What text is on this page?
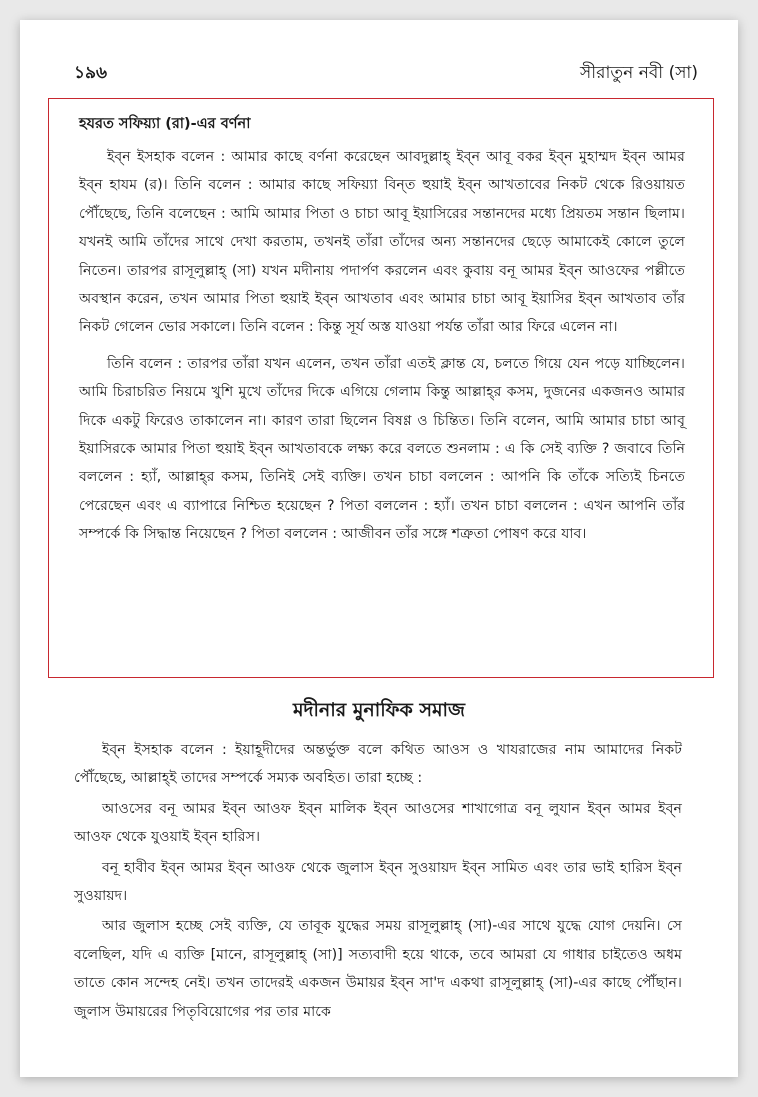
১৯৬	সীরাতুন নবী (সা)
হযরত সফিয়্যা (রা)-এর বর্ণনা

ইব্‌ন ইসহাক বলেন : আমার কাছে বর্ণনা করেছেন আবদুল্লাহ্ ইব্‌ন আবূ বকর ইব্‌ন মুহাম্মদ ইব্‌ন আমর ইব্‌ন হাযম (র)। তিনি বলেন : আমার কাছে সফিয়্যা বিন্‌ত হুয়াই ইব্‌ন আখতাবের নিকট থেকে রিওয়ায়ত পৌঁছেছে, তিনি বলেছেন : আমি আমার পিতা ও চাচা আবূ ইয়াসিরের সন্তানদের মধ্যে প্রিয়তম সন্তান ছিলাম। যখনই আমি তাঁদের সাথে দেখা করতাম, তখনই তাঁরা তাঁদের অন্য সন্তানদের ছেড়ে আমাকেই কোলে তুলে নিতেন। তারপর রাসূলুল্লাহ্ (সা) যখন মদীনায় পদার্পণ করলেন এবং কুবায় বনূ আমর ইব্‌ন আওফের পল্লীতে অবস্থান করেন, তখন আমার পিতা হুয়াই ইব্‌ন আখতাব এবং আমার চাচা আবূ ইয়াসির ইব্‌ন আখতাব তাঁর নিকট গেলেন ভোর সকালে। তিনি বলেন : কিন্তু সূর্য অস্ত যাওয়া পর্যন্ত তাঁরা আর ফিরে এলেন না।

তিনি বলেন : তারপর তাঁরা যখন এলেন, তখন তাঁরা এতই ক্লান্ত যে, চলতে গিয়ে যেন পড়ে যাচ্ছিলেন। আমি চিরাচরিত নিয়মে খুশি মুখে তাঁদের দিকে এগিয়ে গেলাম কিন্তু আল্লাহ্‌র কসম, দুজনের একজনও আমার দিকে একটু ফিরেও তাকালেন না। কারণ তারা ছিলেন বিষণ্ণ ও চিন্তিত। তিনি বলেন, আমি আমার চাচা আবূ ইয়াসিরকে আমার পিতা হুয়াই ইব্‌ন আখতাবকে লক্ষ্য করে বলতে শুনলাম : এ কি সেই ব্যক্তি ? জবাবে তিনি বললেন : হ্যাঁ, আল্লাহ্‌র কসম, তিনিই সেই ব্যক্তি। তখন চাচা বললেন : আপনি কি তাঁকে সত্যিই চিনতে পেরেছেন এবং এ ব্যাপারে নিশ্চিত হয়েছেন ? পিতা বললেন : হ্যাঁ। তখন চাচা বললেন : এখন আপনি তাঁর সম্পর্কে কি সিদ্ধান্ত নিয়েছেন ? পিতা বললেন : আজীবন তাঁর সঙ্গে শত্রুতা পোষণ করে যাব।

মদীনার মুনাফিক সমাজ

ইব্‌ন ইসহাক বলেন : ইয়াহূদীদের অন্তর্ভুক্ত বলে কথিত আওস ও খাযরাজের নাম আমাদের নিকট পৌঁছেছে, আল্লাহ্ই তাদের সম্পর্কে সম্যক অবহিত। তারা হচ্ছে :

আওসের বনূ আমর ইব্‌ন আওফ ইব্‌ন মালিক ইব্‌ন আওসের শাখাগোত্র বনূ লুযান ইব্‌ন আমর ইব্‌ন আওফ থেকে যুওয়াই ইব্‌ন হারিস।

বনূ হাবীব ইব্‌ন আমর ইব্‌ন আওফ থেকে জুলাস ইব্‌ন সুওয়ায়দ ইব্‌ন সামিত এবং তার ভাই হারিস ইব্‌ন সুওয়ায়দ।

আর জুলাস হচ্ছে সেই ব্যক্তি, যে তাবূক যুদ্ধের সময় রাসূলুল্লাহ্ (সা)-এর সাথে যুদ্ধে যোগ দেয়নি। সে বলেছিল, যদি এ ব্যক্তি [মানে, রাসূলুল্লাহ্ (সা)] সত্যবাদী হয়ে থাকে, তবে আমরা যে গাধার চাইতেও অধম তাতে কোন সন্দেহ নেই। তখন তাদেরই একজন উমায়র ইব্‌ন সা'দ একথা রাসূলুল্লাহ্ (সা)-এর কাছে পৌঁছান। জুলাস উমায়রের পিতৃবিয়োগের পর তার মাকে
